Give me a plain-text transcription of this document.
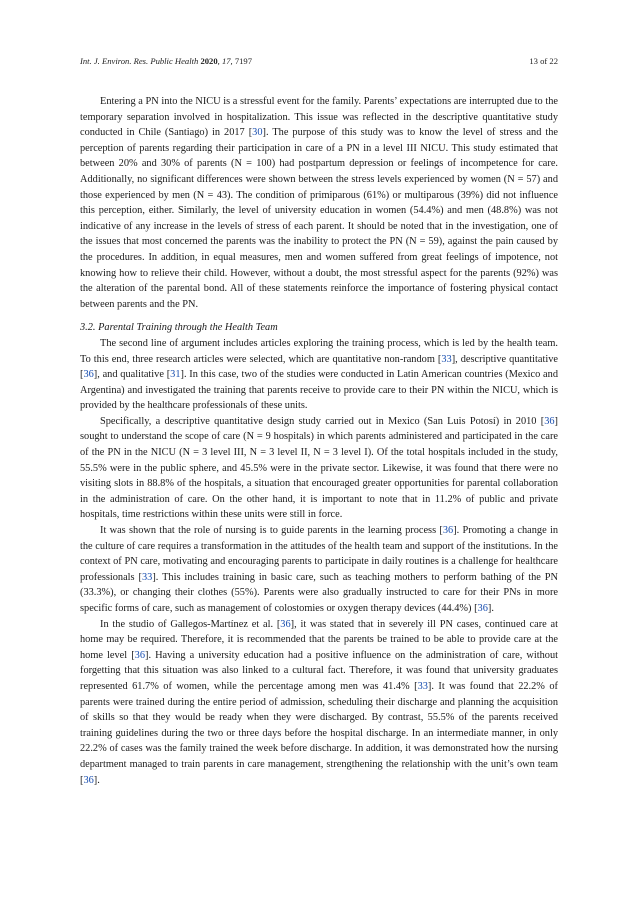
Int. J. Environ. Res. Public Health 2020, 17, 7197	13 of 22

Entering a PN into the NICU is a stressful event for the family. Parents’ expectations are interrupted due to the temporary separation involved in hospitalization. This issue was reflected in the descriptive quantitative study conducted in Chile (Santiago) in 2017 [30]. The purpose of this study was to know the level of stress and the perception of parents regarding their participation in care of a PN in a level III NICU. This study estimated that between 20% and 30% of parents (N = 100) had postpartum depression or feelings of incompetence for care. Additionally, no significant differences were shown between the stress levels experienced by women (N = 57) and those experienced by men (N = 43). The condition of primiparous (61%) or multiparous (39%) did not influence this perception, either. Similarly, the level of university education in women (54.4%) and men (48.8%) was not indicative of any increase in the levels of stress of each parent. It should be noted that in the investigation, one of the issues that most concerned the parents was the inability to protect the PN (N = 59), against the pain caused by the procedures. In addition, in equal measures, men and women suffered from great feelings of impotence, not knowing how to relieve their child. However, without a doubt, the most stressful aspect for the parents (92%) was the alteration of the parental bond. All of these statements reinforce the importance of fostering physical contact between parents and the PN.

3.2. Parental Training through the Health Team

The second line of argument includes articles exploring the training process, which is led by the health team. To this end, three research articles were selected, which are quantitative non-random [33], descriptive quantitative [36], and qualitative [31]. In this case, two of the studies were conducted in Latin American countries (Mexico and Argentina) and investigated the training that parents receive to provide care to their PN within the NICU, which is provided by the healthcare professionals of these units.

Specifically, a descriptive quantitative design study carried out in Mexico (San Luis Potosí) in 2010 [36] sought to understand the scope of care (N = 9 hospitals) in which parents administered and participated in the care of the PN in the NICU (N = 3 level III, N = 3 level II, N = 3 level I). Of the total hospitals included in the study, 55.5% were in the public sphere, and 45.5% were in the private sector. Likewise, it was found that there were no visiting slots in 88.8% of the hospitals, a situation that encouraged greater opportunities for parental collaboration in the administration of care. On the other hand, it is important to note that in 11.2% of public and private hospitals, time restrictions within these units were still in force.

It was shown that the role of nursing is to guide parents in the learning process [36]. Promoting a change in the culture of care requires a transformation in the attitudes of the health team and support of the institutions. In the context of PN care, motivating and encouraging parents to participate in daily routines is a challenge for healthcare professionals [33]. This includes training in basic care, such as teaching mothers to perform bathing of the PN (33.3%), or changing their clothes (55%). Parents were also gradually instructed to care for their PNs in more specific forms of care, such as management of colostomies or oxygen therapy devices (44.4%) [36].

In the studio of Gallegos-Martínez et al. [36], it was stated that in severely ill PN cases, continued care at home may be required. Therefore, it is recommended that the parents be trained to be able to provide care at the home level [36]. Having a university education had a positive influence on the administration of care, without forgetting that this situation was also linked to a cultural fact. Therefore, it was found that university graduates represented 61.7% of women, while the percentage among men was 41.4% [33]. It was found that 22.2% of parents were trained during the entire period of admission, scheduling their discharge and planning the acquisition of skills so that they would be ready when they were discharged. By contrast, 55.5% of the parents received training guidelines during the two or three days before the hospital discharge. In an intermediate manner, in only 22.2% of cases was the family trained the week before discharge. In addition, it was demonstrated how the nursing department managed to train parents in care management, strengthening the relationship with the unit’s own team [36].
